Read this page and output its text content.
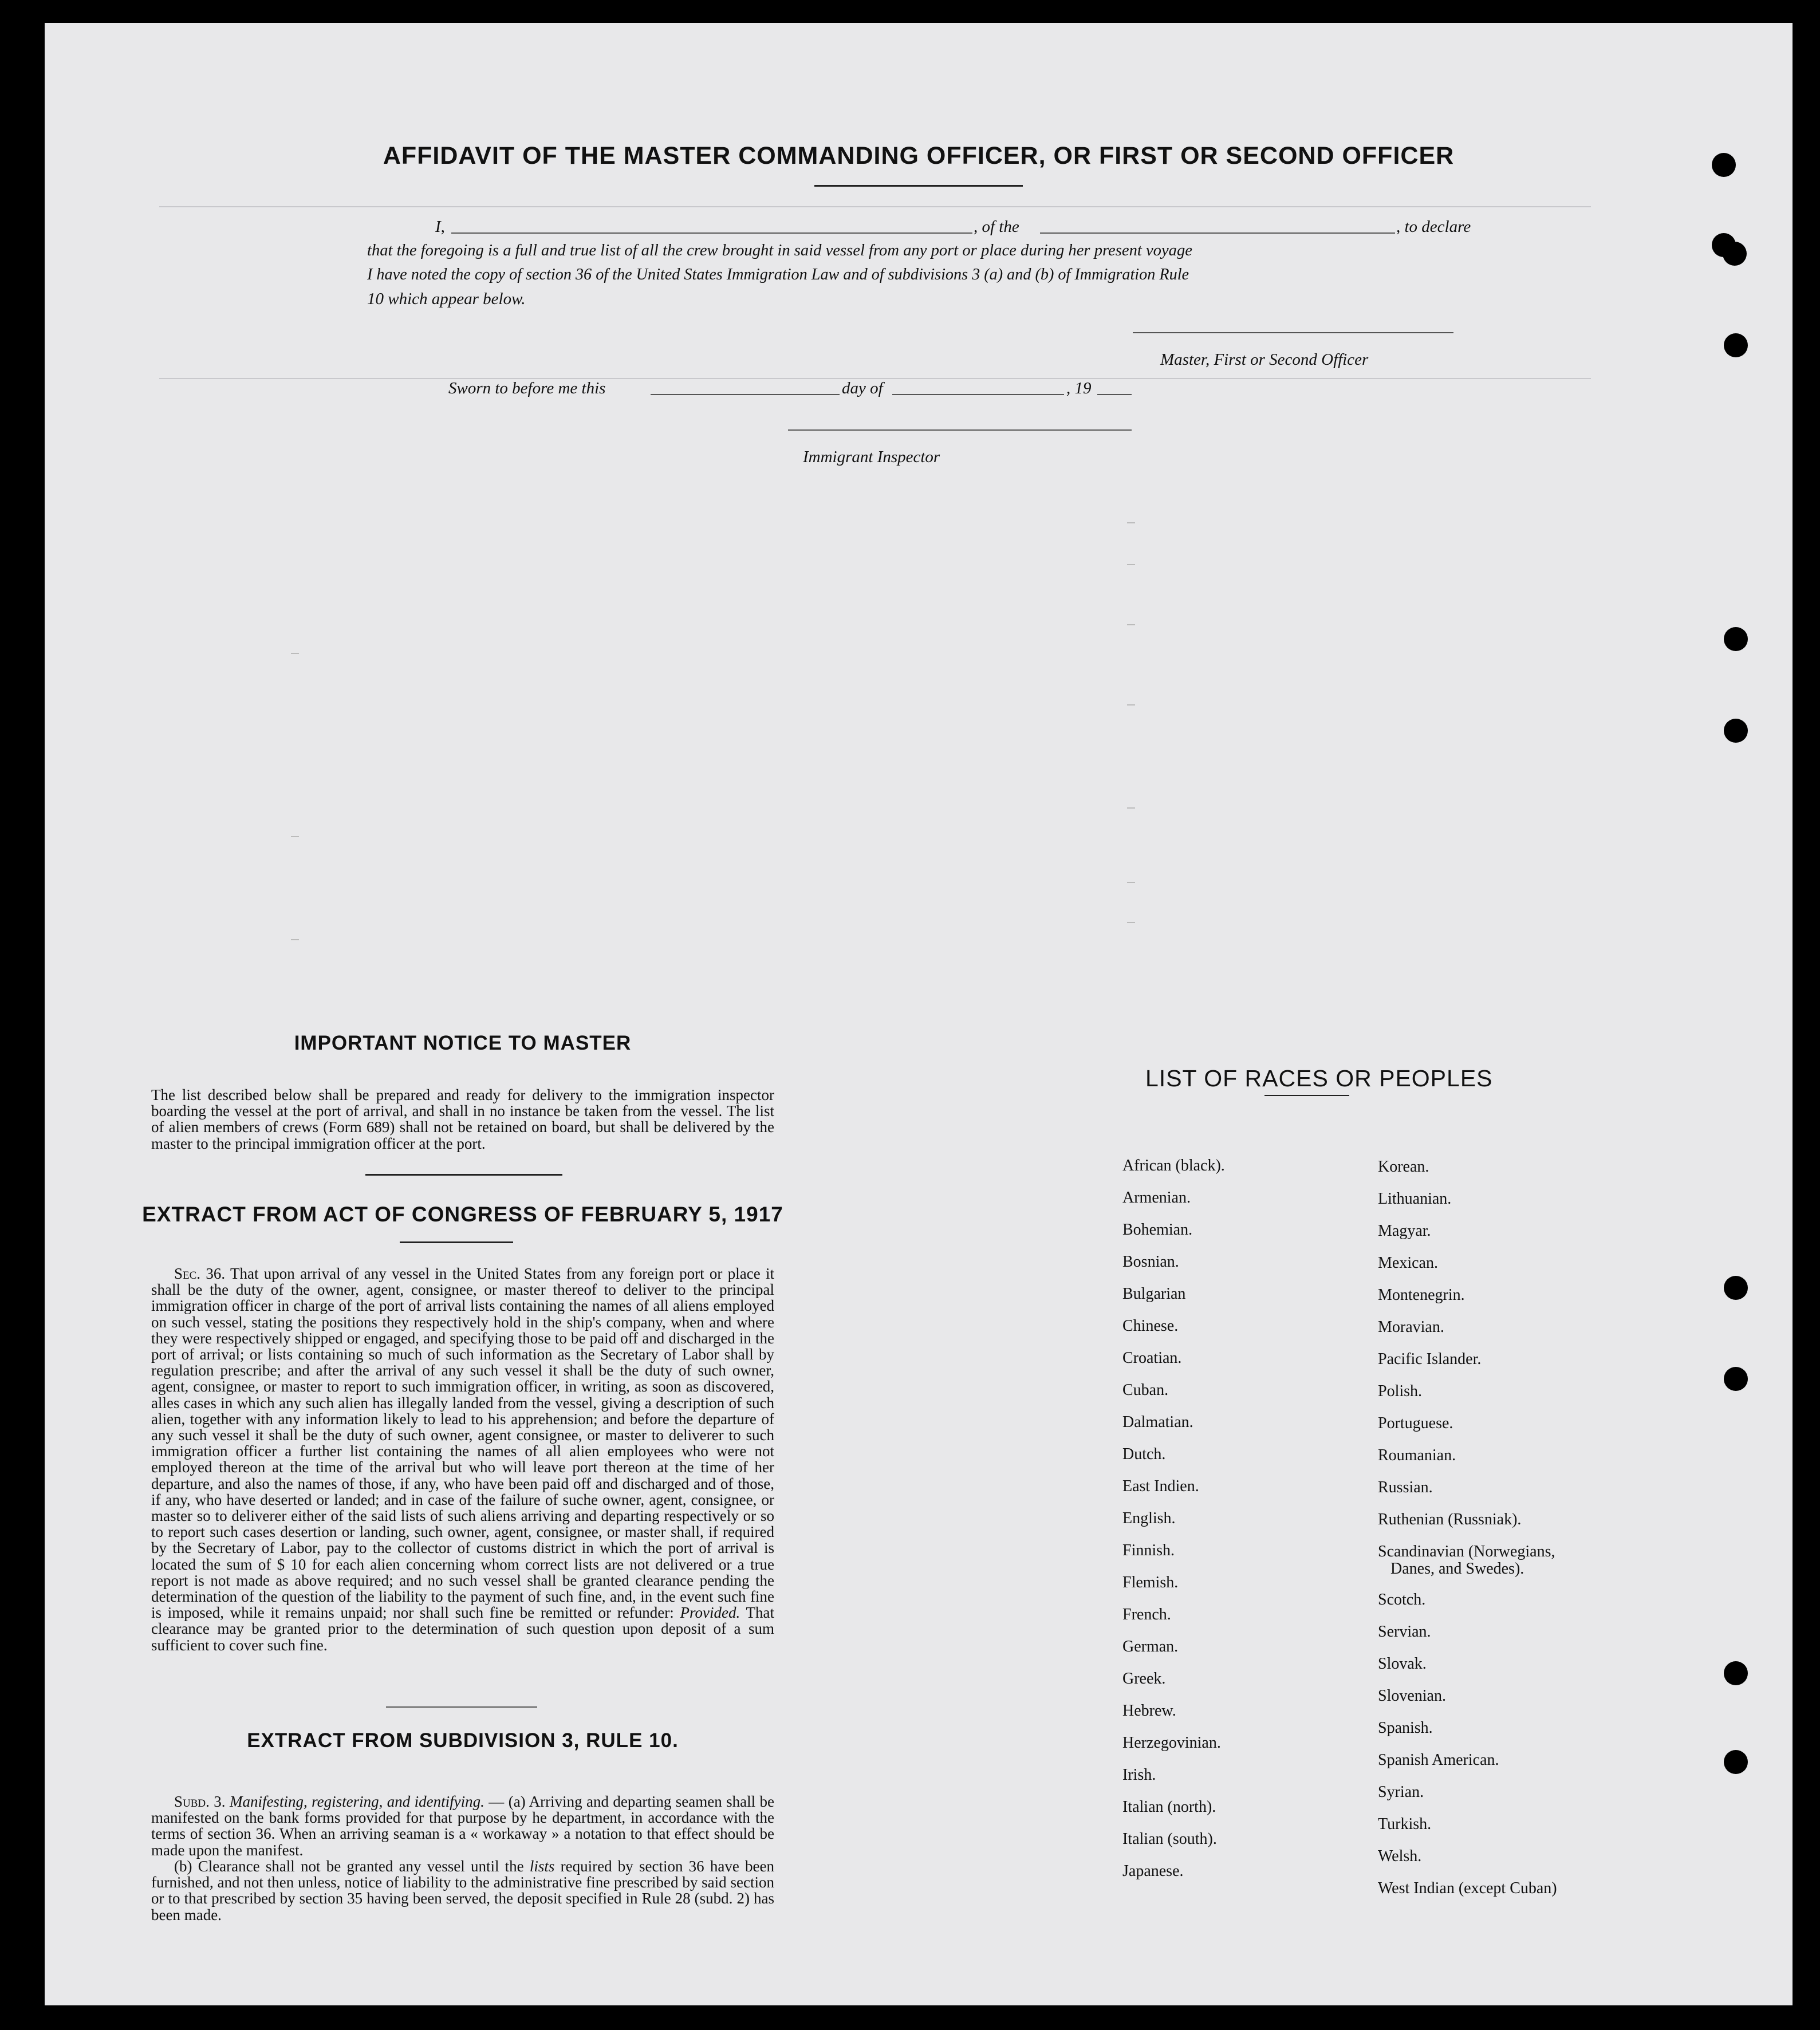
AFFIDAVIT OF THE MASTER COMMANDING OFFICER, OR FIRST OR SECOND OFFICER
I,	, of the	, to declare
that the foregoing is a full and true list of all the crew brought in said vessel from any port or place during her present voyage
I have noted the copy of section 36 of the United States Immigration Law and of subdivisions 3 (a) and (b) of Immigration Rule
10 which appear below.
Master, First or Second Officer
Sworn to before me this	day of	, 19
Immigrant Inspector
IMPORTANT NOTICE TO MASTER
The list described below shall be prepared and ready for delivery to the immigration inspector boarding the vessel at the port of arrival, and shall in no instance be taken from the vessel. The list of alien members of crews (Form 689) shall not be retained on board, but shall be delivered by the master to the principal immigration officer at the port.
EXTRACT FROM ACT OF CONGRESS OF FEBRUARY 5, 1917
Sec. 36. That upon arrival of any vessel in the United States from any foreign port or place it shall be the duty of the owner, agent, consignee, or master thereof to deliver to the principal immigration officer in charge of the port of arrival lists containing the names of all aliens employed on such vessel, stating the positions they respectively hold in the ship's company, when and where they were respectively shipped or engaged, and specifying those to be paid off and discharged in the port of arrival; or lists containing so much of such information as the Secretary of Labor shall by regulation prescribe; and after the arrival of any such vessel it shall be the duty of such owner, agent, consignee, or master to report to such immigration officer, in writing, as soon as discovered, alles cases in which any such alien has illegally landed from the vessel, giving a description of such alien, together with any information likely to lead to his apprehension; and before the departure of any such vessel it shall be the duty of such owner, agent consignee, or master to deliverer to such immigration officer a further list containing the names of all alien employees who were not employed thereon at the time of the arrival but who will leave port thereon at the time of her departure, and also the names of those, if any, who have been paid off and discharged and of those, if any, who have deserted or landed; and in case of the failure of suche owner, agent, consignee, or master so to deliverer either of the said lists of such aliens arriving and departing respectively or so to report such cases desertion or landing, such owner, agent, consignee, or master shall, if required by the Secretary of Labor, pay to the collector of customs district in which the port of arrival is located the sum of $ 10 for each alien concerning whom correct lists are not delivered or a true report is not made as above required; and no such vessel shall be granted clearance pending the determination of the question of the liability to the payment of such fine, and, in the event such fine is imposed, while it remains unpaid; nor shall such fine be remitted or refunder: Provided. That clearance may be granted prior to the determination of such question upon deposit of a sum sufficient to cover such fine.
EXTRACT FROM SUBDIVISION 3, RULE 10.
Subd. 3. Manifesting, registering, and identifying. — (a) Arriving and departing seamen shall be manifested on the bank forms provided for that purpose by he department, in accordance with the terms of section 36. When an arriving seaman is a « workaway » a notation to that effect should be made upon the manifest.
(b) Clearance shall not be granted any vessel until the lists required by section 36 have been furnished, and not then unless, notice of liability to the administrative fine prescribed by said section or to that prescribed by section 35 having been served, the deposit specified in Rule 28 (subd. 2) has been made.
LIST OF RACES OR PEOPLES
African (black).
Armenian.
Bohemian.
Bosnian.
Bulgarian
Chinese.
Croatian.
Cuban.
Dalmatian.
Dutch.
East Indien.
English.
Finnish.
Flemish.
French.
German.
Greek.
Hebrew.
Herzegovinian.
Irish.
Italian (north).
Italian (south).
Japanese.
Korean.
Lithuanian.
Magyar.
Mexican.
Montenegrin.
Moravian.
Pacific Islander.
Polish.
Portuguese.
Roumanian.
Russian.
Ruthenian (Russniak).
Scandinavian (Norwegians,
Danes, and Swedes).
Scotch.
Servian.
Slovak.
Slovenian.
Spanish.
Spanish American.
Syrian.
Turkish.
Welsh.
West Indian (except Cuban)
